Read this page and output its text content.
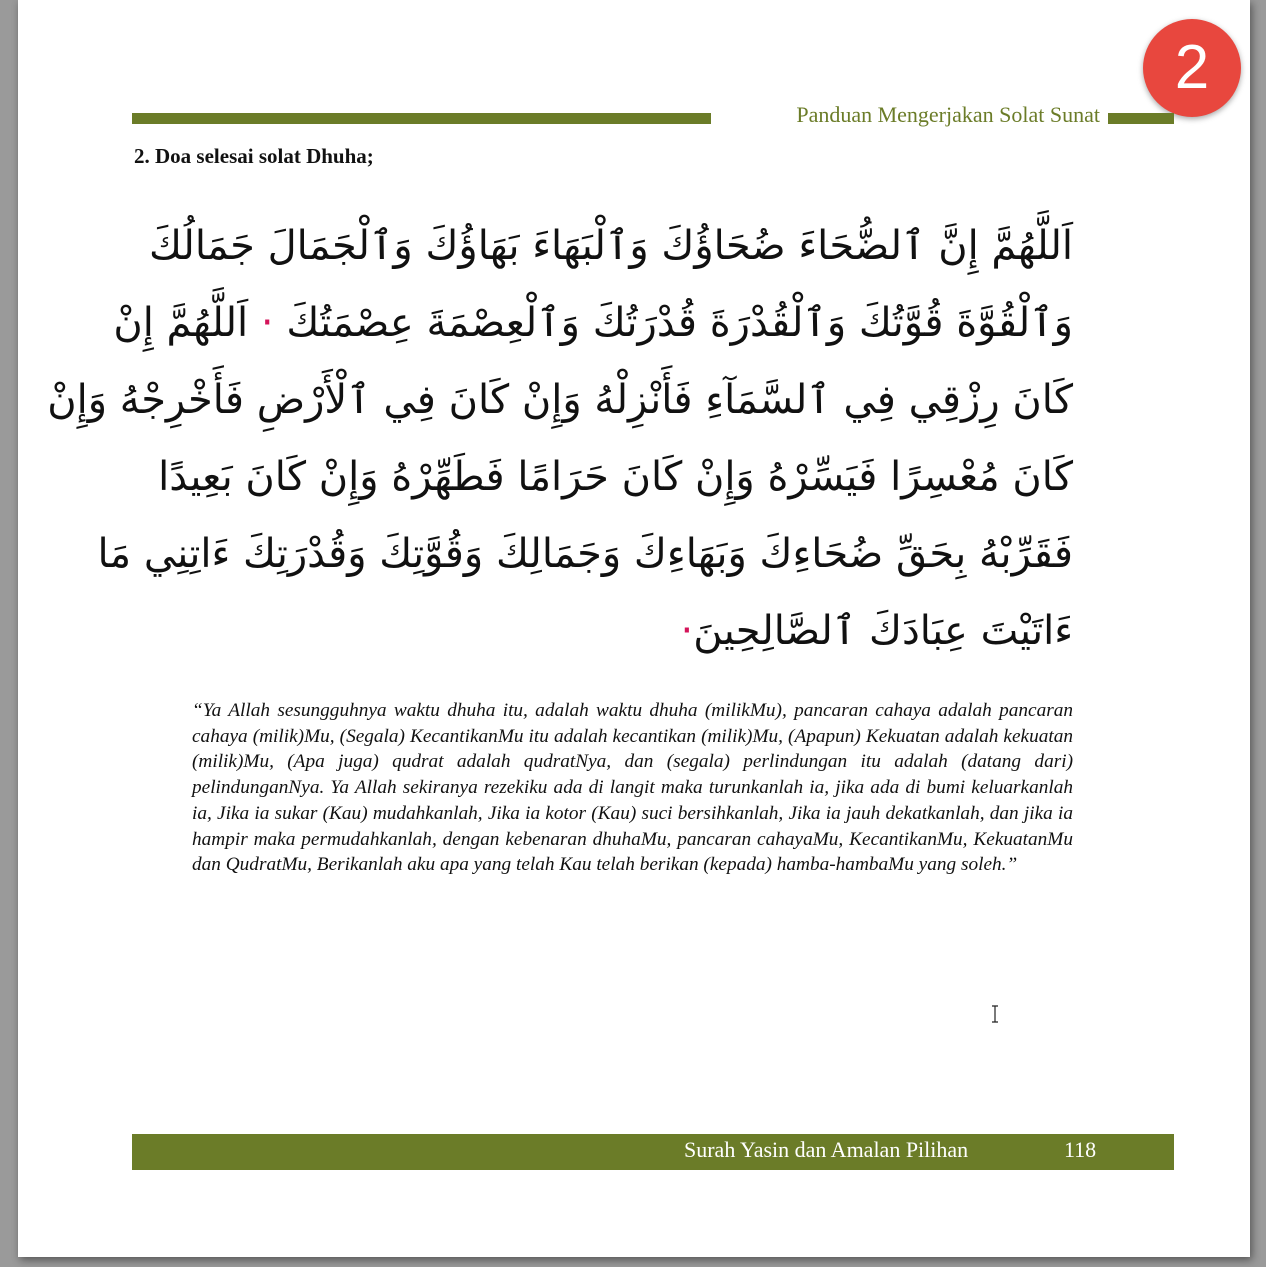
2
Panduan Mengerjakan Solat Sunat
2. Doa selesai solat Dhuha;
اَللَّهُمَّ إِنَّ ٱلضُّحَاءَ ضُحَاؤُكَ وَٱلْبَهَاءَ بَهَاؤُكَ وَٱلْجَمَالَ جَمَالُكَ
وَٱلْقُوَّةَ قُوَّتُكَ وَٱلْقُدْرَةَ قُدْرَتُكَ وَٱلْعِصْمَةَ عِصْمَتُكَ · اَللَّهُمَّ إِنْ
كَانَ رِزْقِي فِي ٱلسَّمَآءِ فَأَنْزِلْهُ وَإِنْ كَانَ فِي ٱلْأَرْضِ فَأَخْرِجْهُ وَإِنْ
كَانَ مُعْسِرًا فَيَسِّرْهُ وَإِنْ كَانَ حَرَامًا فَطَهِّرْهُ وَإِنْ كَانَ بَعِيدًا
فَقَرِّبْهُ بِحَقِّ ضُحَاءِكَ وَبَهَاءِكَ وَجَمَالِكَ وَقُوَّتِكَ وَقُدْرَتِكَ ءَاتِنِي مَا
ءَاتَيْتَ عِبَادَكَ ٱلصَّالِحِينَ·
“Ya Allah sesungguhnya waktu dhuha itu, adalah waktu dhuha (milikMu), pancaran cahaya adalah pancaran cahaya (milik)Mu, (Segala) KecantikanMu itu adalah kecantikan (milik)Mu, (Apapun) Kekuatan adalah kekuatan (milik)Mu, (Apa juga) qudrat adalah qudratNya, dan (segala) perlindungan itu adalah (datang dari) pelindunganNya. Ya Allah sekiranya rezekiku ada di langit maka turunkanlah ia, jika ada di bumi keluarkanlah ia, Jika ia sukar (Kau) mudahkanlah, Jika ia kotor (Kau) suci bersihkanlah, Jika ia jauh dekatkanlah, dan jika ia hampir maka permudahkanlah, dengan kebenaran dhuhaMu, pancaran cahayaMu, KecantikanMu, KekuatanMu dan QudratMu, Berikanlah aku apa yang telah Kau telah berikan (kepada) hamba-hambaMu yang soleh.”
Surah Yasin dan Amalan Pilihan	118
